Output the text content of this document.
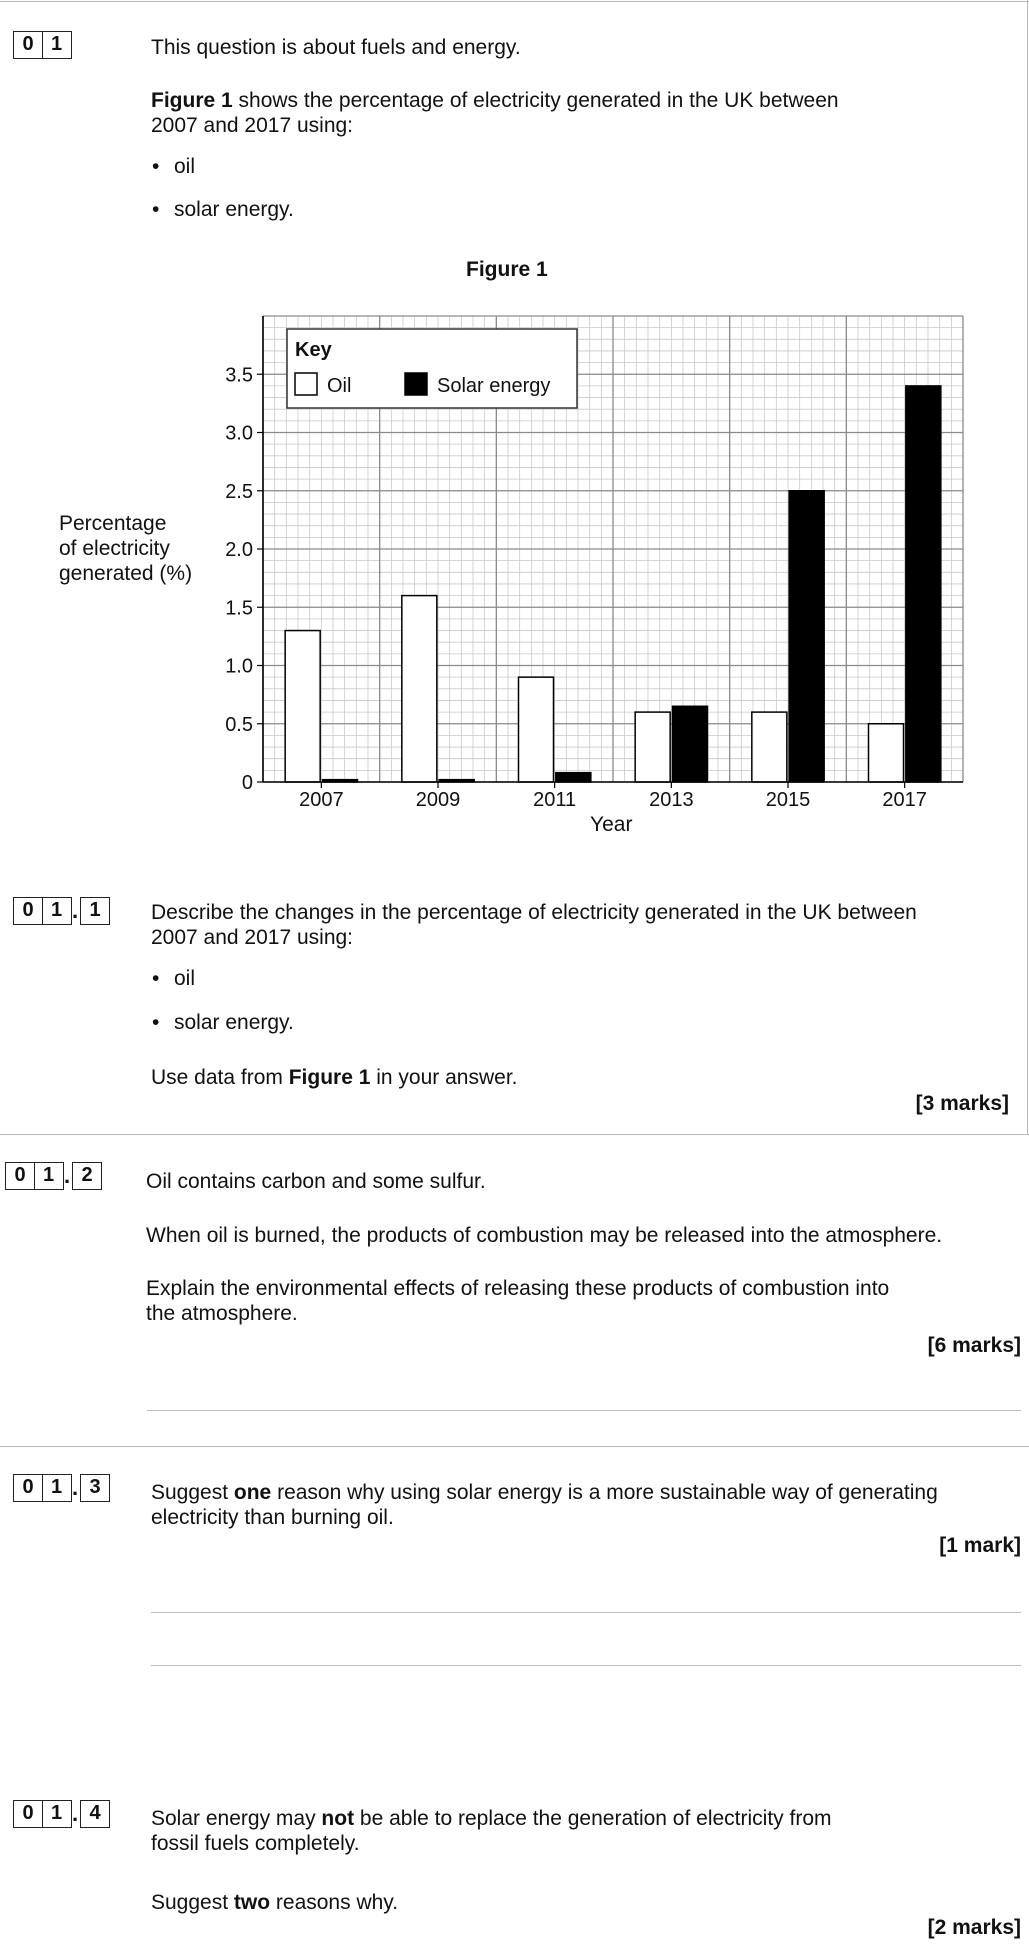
0 1	This question is about fuels and energy.
Figure 1 shows the percentage of electricity generated in the UK between
2007 and 2017 using:
• oil
• solar energy.
Figure 1
2007	2009	2011	2013	2015	2017
0
0.5
1.0
1.5
2.0
2.5
3.0
3.5
Key
Oil	Solar energy
Percentage
of electricity
generated (%)
Year
0 1 . 1	Describe the changes in the percentage of electricity generated in the UK between
2007 and 2017 using:
• oil
• solar energy.
Use data from Figure 1 in your answer.
[3 marks]
0 1 . 2	Oil contains carbon and some sulfur.
When oil is burned, the products of combustion may be released into the atmosphere.
Explain the environmental effects of releasing these products of combustion into
the atmosphere.
[6 marks]
0 1 . 3	Suggest one reason why using solar energy is a more sustainable way of generating
electricity than burning oil.
[1 mark]
0 1 . 4	Solar energy may not be able to replace the generation of electricity from
fossil fuels completely.
Suggest two reasons why.
[2 marks]
